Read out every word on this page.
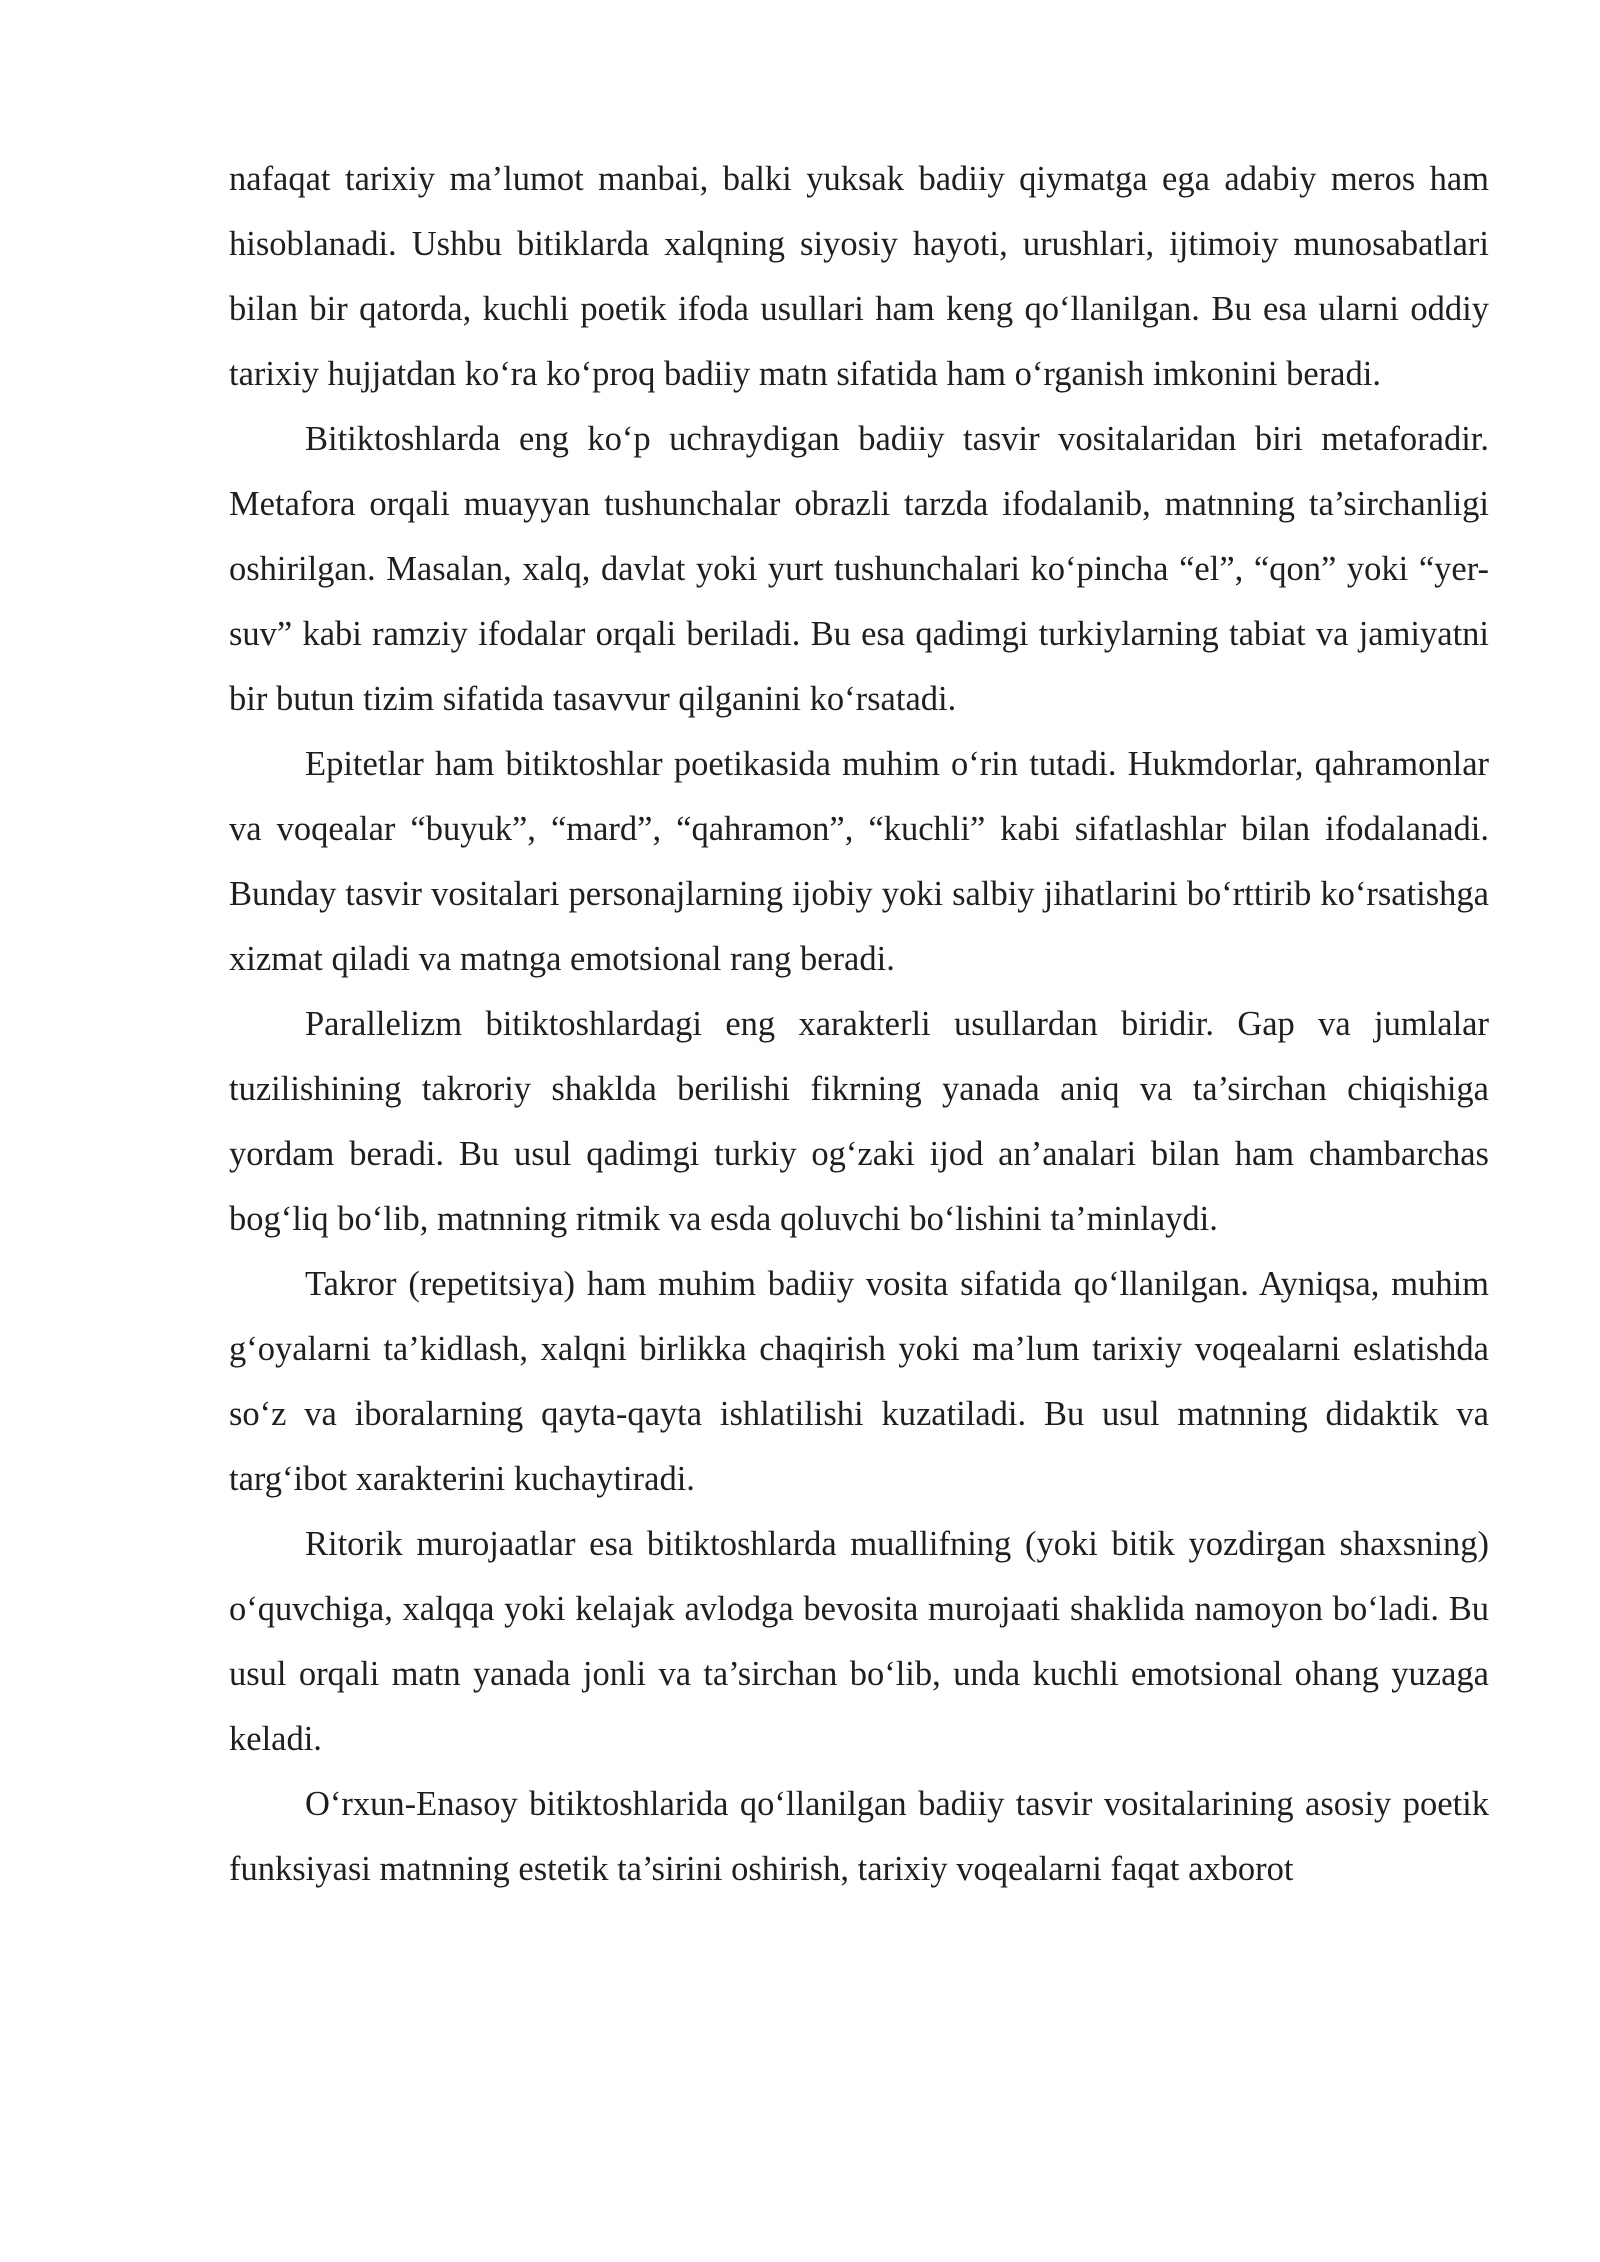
nafaqat tarixiy ma’lumot manbai, balki yuksak badiiy qiymatga ega adabiy meros ham hisoblanadi. Ushbu bitiklarda xalqning siyosiy hayoti, urushlari, ijtimoiy munosabatlari bilan bir qatorda, kuchli poetik ifoda usullari ham keng qo‘llanilgan. Bu esa ularni oddiy tarixiy hujjatdan ko‘ra ko‘proq badiiy matn sifatida ham o‘rganish imkonini beradi.

Bitiktoshlarda eng ko‘p uchraydigan badiiy tasvir vositalaridan biri metaforadir. Metafora orqali muayyan tushunchalar obrazli tarzda ifodalanib, matnning ta’sirchanligi oshirilgan. Masalan, xalq, davlat yoki yurt tushunchalari ko‘pincha “el”, “qon” yoki “yer-suv” kabi ramziy ifodalar orqali beriladi. Bu esa qadimgi turkiylarning tabiat va jamiyatni bir butun tizim sifatida tasavvur qilganini ko‘rsatadi.

Epitetlar ham bitiktoshlar poetikasida muhim o‘rin tutadi. Hukmdorlar, qahramonlar va voqealar “buyuk”, “mard”, “qahramon”, “kuchli” kabi sifatlashlar bilan ifodalanadi. Bunday tasvir vositalari personajlarning ijobiy yoki salbiy jihatlarini bo‘rttirib ko‘rsatishga xizmat qiladi va matnga emotsional rang beradi.

Parallelizm bitiktoshlardagi eng xarakterli usullardan biridir. Gap va jumlalar tuzilishining takroriy shaklda berilishi fikrning yanada aniq va ta’sirchan chiqishiga yordam beradi. Bu usul qadimgi turkiy og‘zaki ijod an’analari bilan ham chambarchas bog‘liq bo‘lib, matnning ritmik va esda qoluvchi bo‘lishini ta’minlaydi.

Takror (repetitsiya) ham muhim badiiy vosita sifatida qo‘llanilgan. Ayniqsa, muhim g‘oyalarni ta’kidlash, xalqni birlikka chaqirish yoki ma’lum tarixiy voqealarni eslatishda so‘z va iboralarning qayta-qayta ishlatilishi kuzatiladi. Bu usul matnning didaktik va targ‘ibot xarakterini kuchaytiradi.

Ritorik murojaatlar esa bitiktoshlarda muallifning (yoki bitik yozdirgan shaxsning) o‘quvchiga, xalqqa yoki kelajak avlodga bevosita murojaati shaklida namoyon bo‘ladi. Bu usul orqali matn yanada jonli va ta’sirchan bo‘lib, unda kuchli emotsional ohang yuzaga keladi.

O‘rxun-Enasoy bitiktoshlarida qo‘llanilgan badiiy tasvir vositalarining asosiy poetik funksiyasi matnning estetik ta’sirini oshirish, tarixiy voqealarni faqat axborot
